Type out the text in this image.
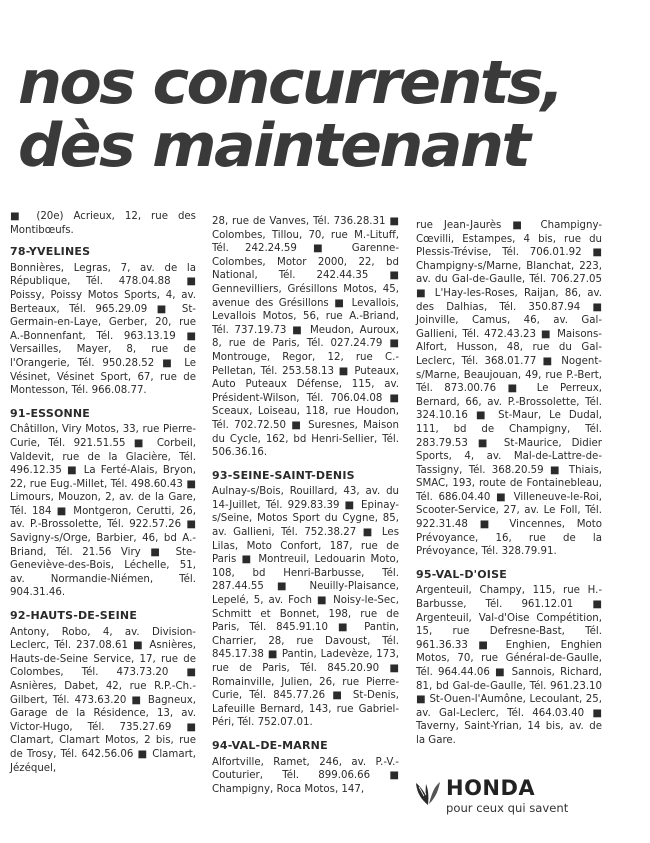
nos concurrents,
dès maintenant

■ (20e) Acrieux, 12, rue des Montibœufs.

78-YVELINES

Bonnières, Legras, 7, av. de la République, Tél. 478.04.88 ■ Poissy, Poissy Motos Sports, 4, av. Berteaux, Tél. 965.29.09 ■ St-Germain-en-Laye, Gerber, 20, rue A.-Bonnenfant, Tél. 963.13.19 ■ Versailles, Mayer, 8, rue de l'Orangerie, Tél. 950.28.52 ■ Le Vésinet, Vésinet Sport, 67, rue de Montesson, Tél. 966.08.77.

91-ESSONNE

Châtillon, Viry Motos, 33, rue Pierre-Curie, Tél. 921.51.55 ■ Corbeil, Valdevit, rue de la Glacière, Tél. 496.12.35 ■ La Ferté-Alais, Bryon, 22, rue Eug.-Millet, Tél. 498.60.43 ■ Limours, Mouzon, 2, av. de la Gare, Tél. 184 ■ Montgeron, Cerutti, 26, av. P.-Brossolette, Tél. 922.57.26 ■ Savigny-s/Orge, Barbier, 46, bd A.-Briand, Tél. 21.56 Viry ■ Ste-Geneviève-des-Bois, Léchelle, 51, av. Normandie-Niémen, Tél. 904.31.46.

92-HAUTS-DE-SEINE

Antony, Robo, 4, av. Division-Leclerc, Tél. 237.08.61 ■ Asnières, Hauts-de-Seine Service, 17, rue de Colombes, Tél. 473.73.20 ■ Asnières, Dabet, 42, rue R.P.-Ch.-Gilbert, Tél. 473.63.20 ■ Bagneux, Garage de la Résidence, 13, av. Victor-Hugo, Tél. 735.27.69 ■ Clamart, Clamart Motos, 2 bis, rue de Trosy, Tél. 642.56.06 ■ Clamart, Jézéquel,

28, rue de Vanves, Tél. 736.28.31 ■ Colombes, Tillou, 70, rue M.-Lituff, Tél. 242.24.59 ■ Garenne-Colombes, Motor 2000, 22, bd National, Tél. 242.44.35 ■ Gennevilliers, Grésillons Motos, 45, avenue des Grésillons ■ Levallois, Levallois Motos, 56, rue A.-Briand, Tél. 737.19.73 ■ Meudon, Auroux, 8, rue de Paris, Tél. 027.24.79 ■ Montrouge, Regor, 12, rue C.-Pelletan, Tél. 253.58.13 ■ Puteaux, Auto Puteaux Défense, 115, av. Président-Wilson, Tél. 706.04.08 ■ Sceaux, Loiseau, 118, rue Houdon, Tél. 702.72.50 ■ Suresnes, Maison du Cycle, 162, bd Henri-Sellier, Tél. 506.36.16.

93-SEINE-SAINT-DENIS

Aulnay-s/Bois, Rouillard, 43, av. du 14-Juillet, Tél. 929.83.39 ■ Epinay-s/Seine, Motos Sport du Cygne, 85, av. Gallieni, Tél. 752.38.27 ■ Les Lilas, Moto Confort, 187, rue de Paris ■ Montreuil, Ledouarin Moto, 108, bd Henri-Barbusse, Tél. 287.44.55 ■ Neuilly-Plaisance, Lepelé, 5, av. Foch ■ Noisy-le-Sec, Schmitt et Bonnet, 198, rue de Paris, Tél. 845.91.10 ■ Pantin, Charrier, 28, rue Davoust, Tél. 845.17.38 ■ Pantin, Ladevèze, 173, rue de Paris, Tél. 845.20.90 ■ Romainville, Julien, 26, rue Pierre-Curie, Tél. 845.77.26 ■ St-Denis, Lafeuille Bernard, 143, rue Gabriel-Péri, Tél. 752.07.01.

94-VAL-DE-MARNE

Alfortville, Ramet, 246, av. P.-V.-Couturier, Tél. 899.06.66 ■ Champigny, Roca Motos, 147,

rue Jean-Jaurès ■ Champigny-Cœvilli, Estampes, 4 bis, rue du Plessis-Trévise, Tél. 706.01.92 ■ Champigny-s/Marne, Blanchat, 223, av. du Gal-de-Gaulle, Tél. 706.27.05 ■ L'Hay-les-Roses, Raijan, 86, av. des Dalhias, Tél. 350.87.94 ■ Joinville, Camus, 46, av. Gal-Gallieni, Tél. 472.43.23 ■ Maisons-Alfort, Husson, 48, rue du Gal-Leclerc, Tél. 368.01.77 ■ Nogent-s/Marne, Beaujouan, 49, rue P.-Bert, Tél. 873.00.76 ■ Le Perreux, Bernard, 66, av. P.-Brossolette, Tél. 324.10.16 ■ St-Maur, Le Dudal, 111, bd de Champigny, Tél. 283.79.53 ■ St-Maurice, Didier Sports, 4, av. Mal-de-Lattre-de-Tassigny, Tél. 368.20.59 ■ Thiais, SMAC, 193, route de Fontainebleau, Tél. 686.04.40 ■ Villeneuve-le-Roi, Scooter-Service, 27, av. Le Foll, Tél. 922.31.48 ■ Vincennes, Moto Prévoyance, 16, rue de la Prévoyance, Tél. 328.79.91.

95-VAL-D'OISE

Argenteuil, Champy, 115, rue H.-Barbusse, Tél. 961.12.01 ■ Argenteuil, Val-d'Oise Compétition, 15, rue Defresne-Bast, Tél. 961.36.33 ■ Enghien, Enghien Motos, 70, rue Général-de-Gaulle, Tél. 964.44.06 ■ Sannois, Richard, 81, bd Gal-de-Gaulle, Tél. 961.23.10 ■ St-Ouen-l'Aumône, Lecoulant, 25, av. Gal-Leclerc, Tél. 464.03.40 ■ Taverny, Saint-Yrian, 14 bis, av. de la Gare.

HONDA
pour ceux qui savent
